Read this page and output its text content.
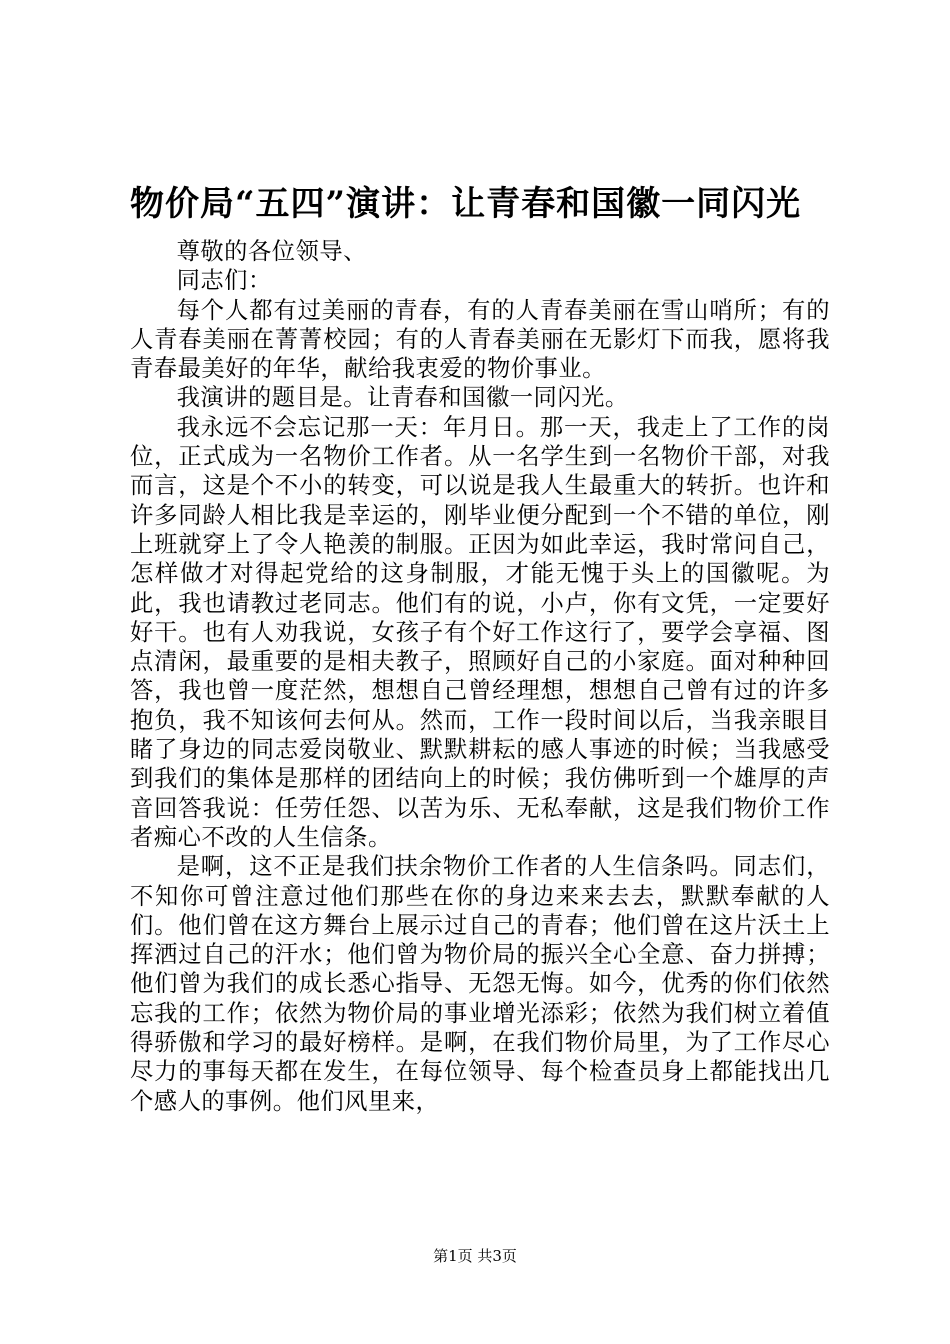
物价局“五四”演讲：让青春和国徽一同闪光

尊敬的各位领导、

同志们：

每个人都有过美丽的青春，有的人青春美丽在雪山哨所；有的人青春美丽在菁菁校园；有的人青春美丽在无影灯下而我，愿将我青春最美好的年华，献给我衷爱的物价事业。

我演讲的题目是。让青春和国徽一同闪光。

我永远不会忘记那一天：年月日。那一天，我走上了工作的岗位，正式成为一名物价工作者。从一名学生到一名物价干部，对我而言，这是个不小的转变，可以说是我人生最重大的转折。也许和许多同龄人相比我是幸运的，刚毕业便分配到一个不错的单位，刚上班就穿上了令人艳羡的制服。正因为如此幸运，我时常问自己，怎样做才对得起党给的这身制服，才能无愧于头上的国徽呢。为此，我也请教过老同志。他们有的说，小卢，你有文凭，一定要好好干。也有人劝我说，女孩子有个好工作这行了，要学会享福、图点清闲，最重要的是相夫教子，照顾好自己的小家庭。面对种种回答，我也曾一度茫然，想想自己曾经理想，想想自己曾有过的许多抱负，我不知该何去何从。然而，工作一段时间以后，当我亲眼目睹了身边的同志爱岗敬业、默默耕耘的感人事迹的时候；当我感受到我们的集体是那样的团结向上的时候；我仿佛听到一个雄厚的声音回答我说：任劳任怨、以苦为乐、无私奉献，这是我们物价工作者痴心不改的人生信条。

是啊，这不正是我们扶余物价工作者的人生信条吗。同志们，不知你可曾注意过他们那些在你的身边来来去去，默默奉献的人们。他们曾在这方舞台上展示过自己的青春；他们曾在这片沃土上挥洒过自己的汗水；他们曾为物价局的振兴全心全意、奋力拼搏；他们曾为我们的成长悉心指导、无怨无悔。如今，优秀的你们依然忘我的工作；依然为物价局的事业增光添彩；依然为我们树立着值得骄傲和学习的最好榜样。是啊，在我们物价局里，为了工作尽心尽力的事每天都在发生，在每位领导、每个检查员身上都能找出几个感人的事例。他们风里来，

第1页 共3页
